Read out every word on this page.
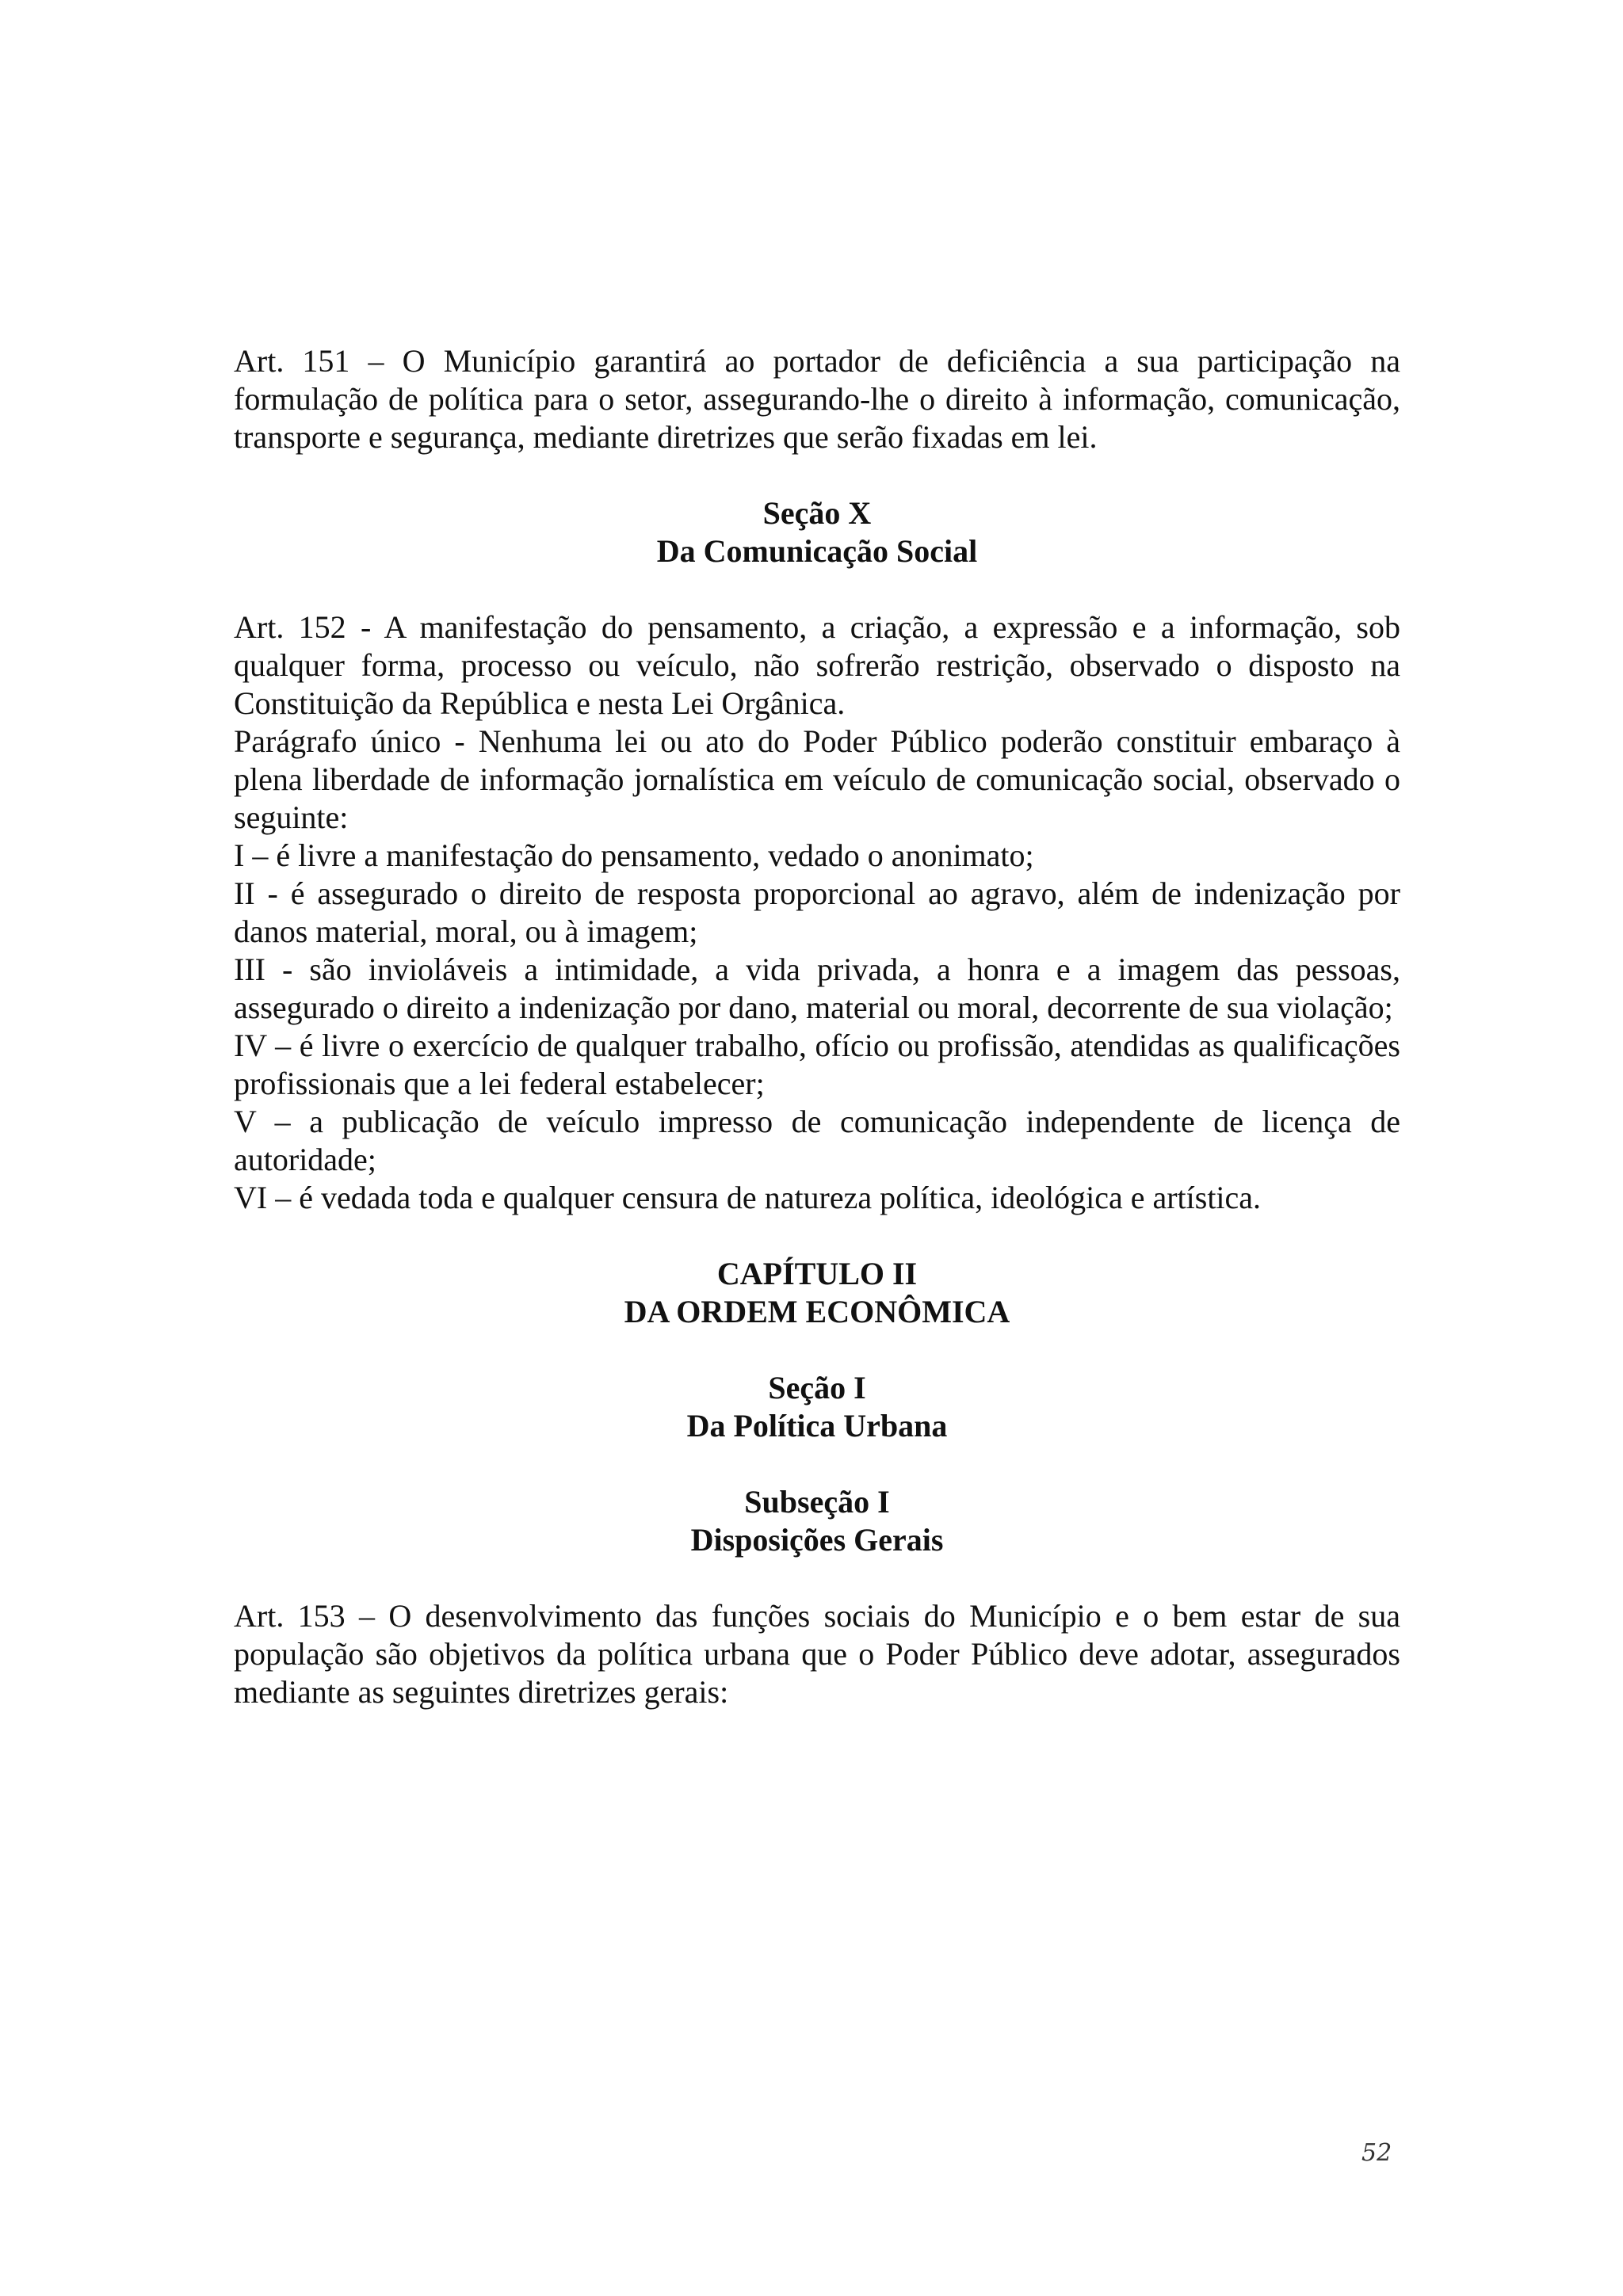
Art. 151 – O Município garantirá ao portador de deficiência a sua participação na formulação de política para o setor, assegurando-lhe o direito à informação, comunicação, transporte e segurança, mediante diretrizes que serão fixadas em lei.

Seção X

Da Comunicação Social

Art. 152 - A manifestação do pensamento, a criação, a expressão e a informação, sob qualquer forma, processo ou veículo, não sofrerão restrição, observado o disposto na Constituição da República e nesta Lei Orgânica.

Parágrafo único - Nenhuma lei ou ato do Poder Público poderão constituir embaraço à plena liberdade de informação jornalística em veículo de comunicação social, observado o seguinte:

I – é livre a manifestação do pensamento, vedado o anonimato;

II - é assegurado o direito de resposta proporcional ao agravo, além de indenização por danos material, moral, ou à imagem;

III - são invioláveis a intimidade, a vida privada, a honra e a imagem das pessoas, assegurado o direito a indenização por dano, material ou moral, decorrente de sua violação;

IV – é livre o exercício de qualquer trabalho, ofício ou profissão, atendidas as qualificações profissionais que a lei federal estabelecer;

V – a publicação de veículo impresso de comunicação independente de licença de autoridade;

VI – é vedada toda e qualquer censura de natureza política, ideológica e artística.

CAPÍTULO II

DA ORDEM ECONÔMICA

Seção I

Da Política Urbana

Subseção I

Disposições Gerais

Art. 153 – O desenvolvimento das funções sociais do Município e o bem estar de sua população são objetivos da política urbana que o Poder Público deve adotar, assegurados mediante as seguintes diretrizes gerais:

52
